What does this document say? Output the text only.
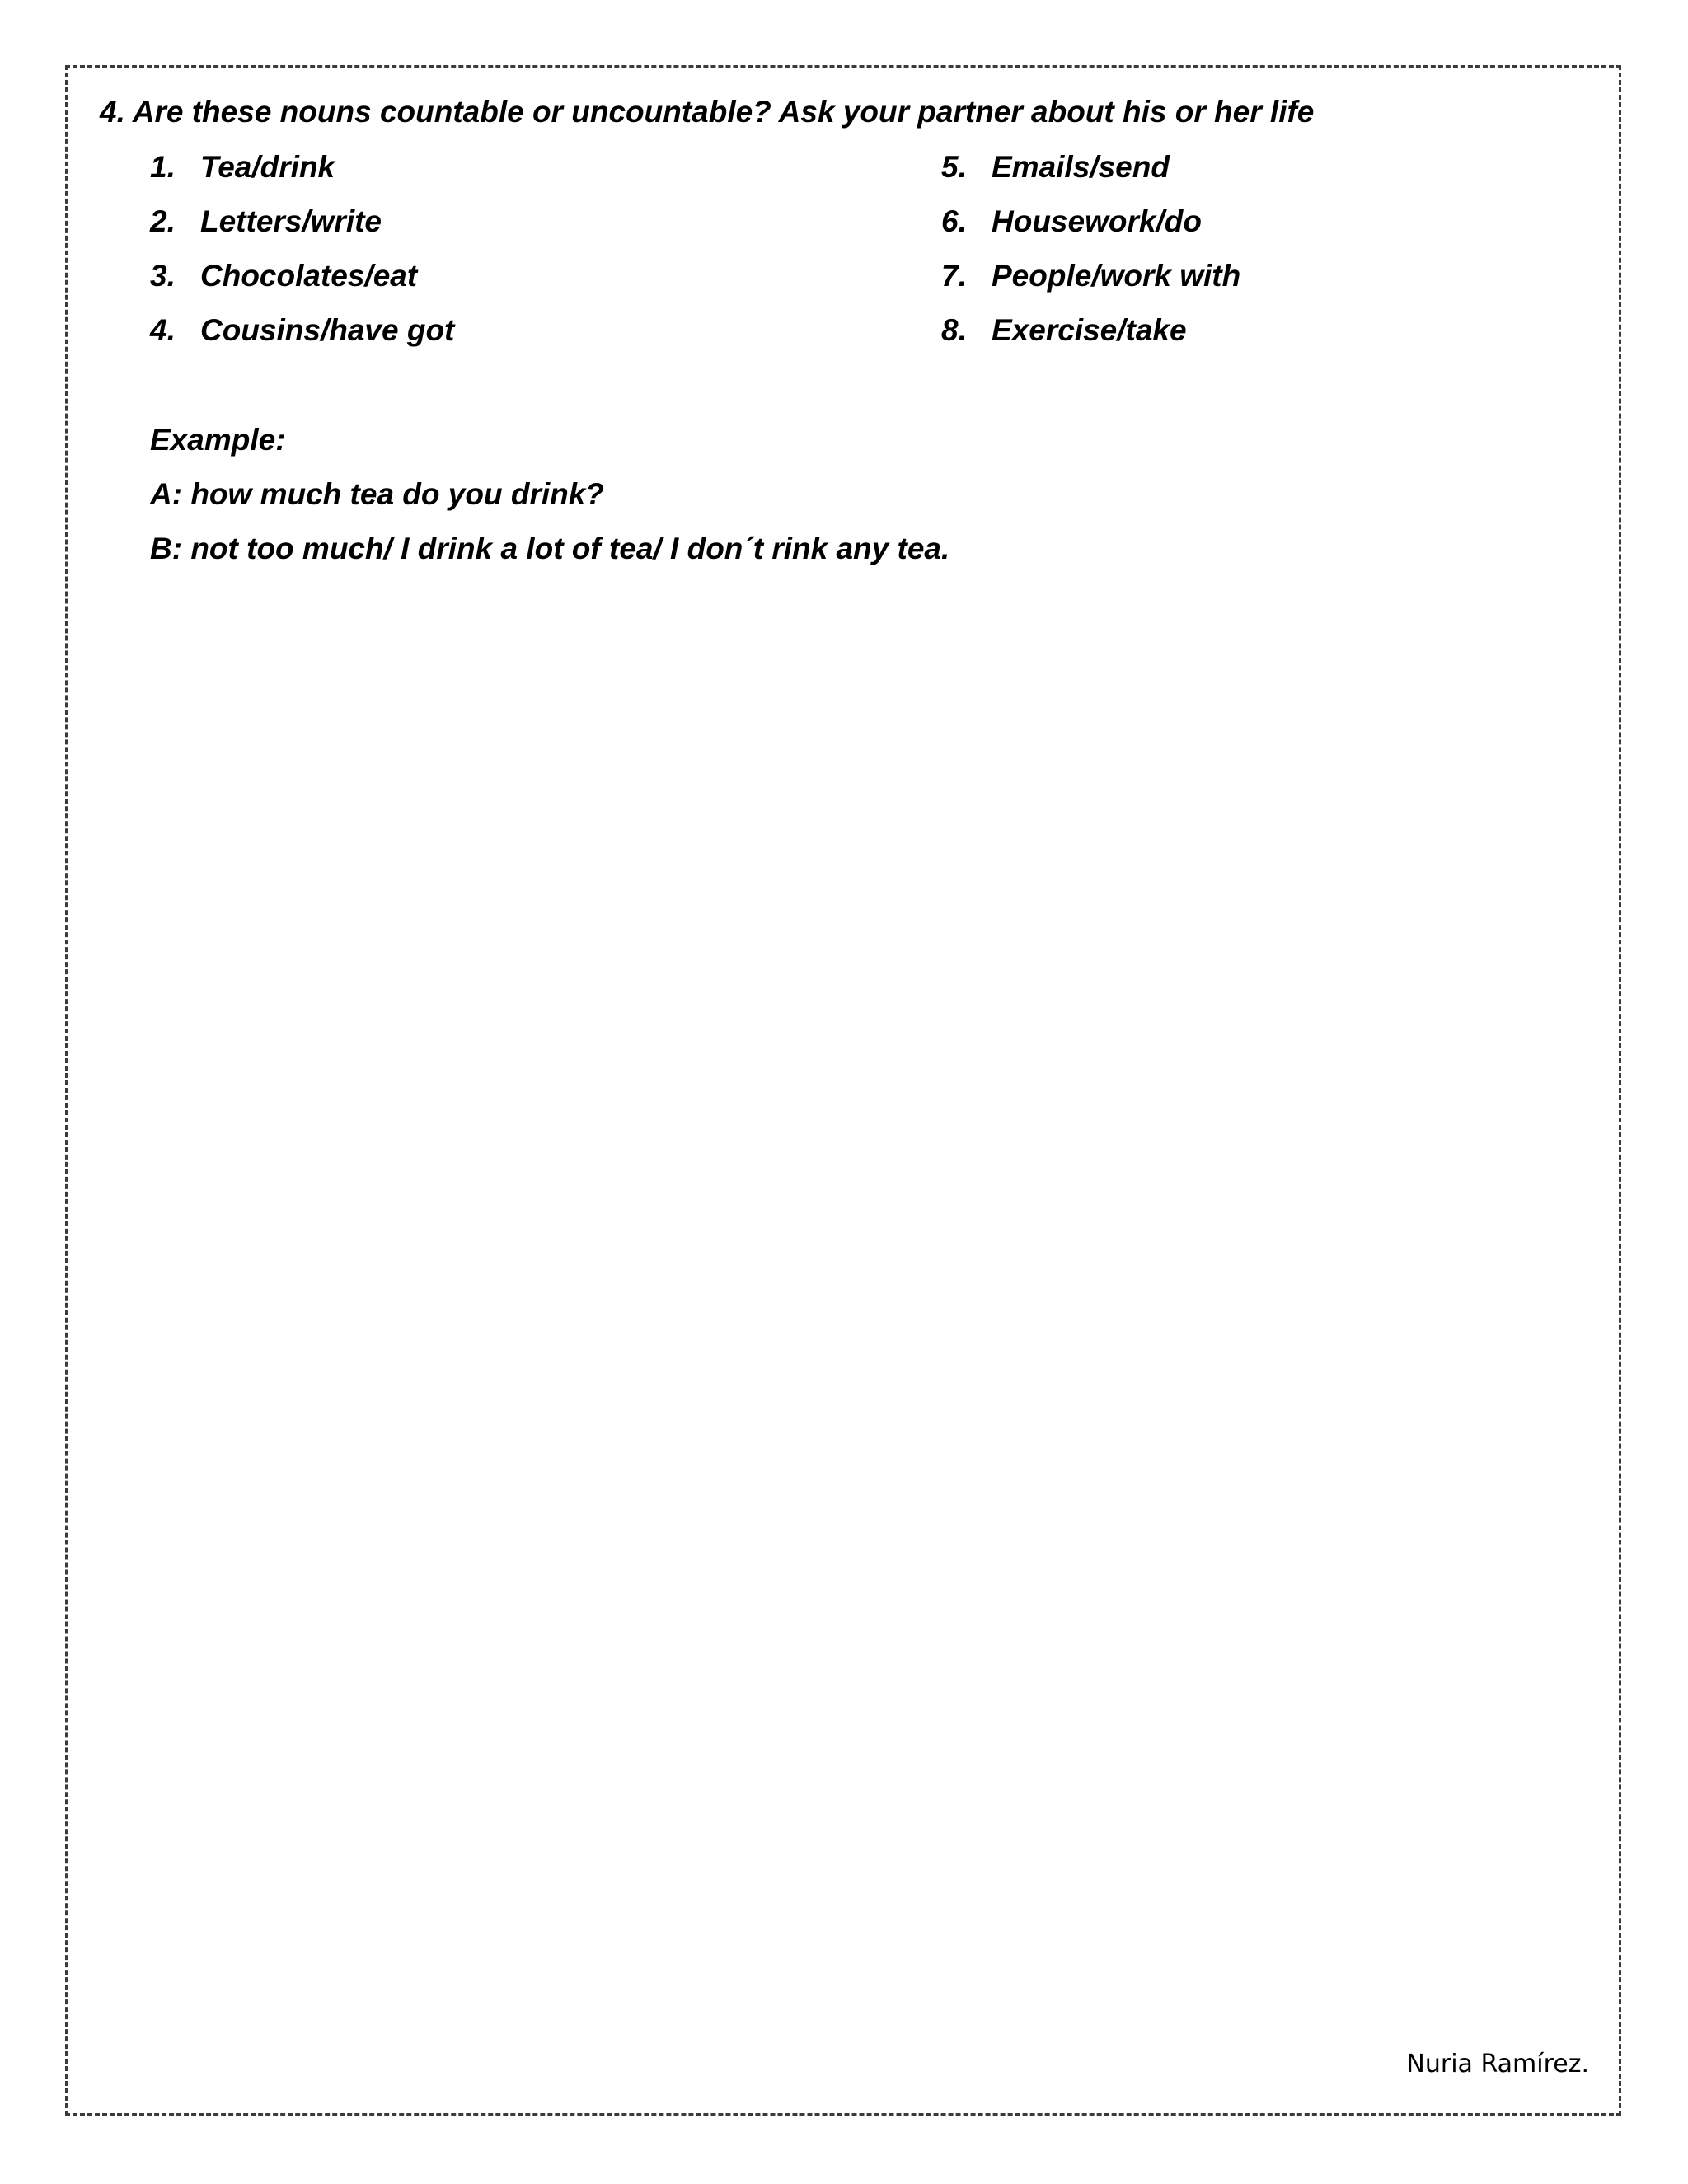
4. Are these nouns countable or uncountable? Ask your partner about his or her life
1. Tea/drink
2. Letters/write
3. Chocolates/eat
4. Cousins/have got
5. Emails/send
6. Housework/do
7. People/work with
8. Exercise/take
Example:
A: how much tea do you drink?
B: not too much/ I drink a lot of tea/ I don´t rink any tea.
Nuria Ramírez.
